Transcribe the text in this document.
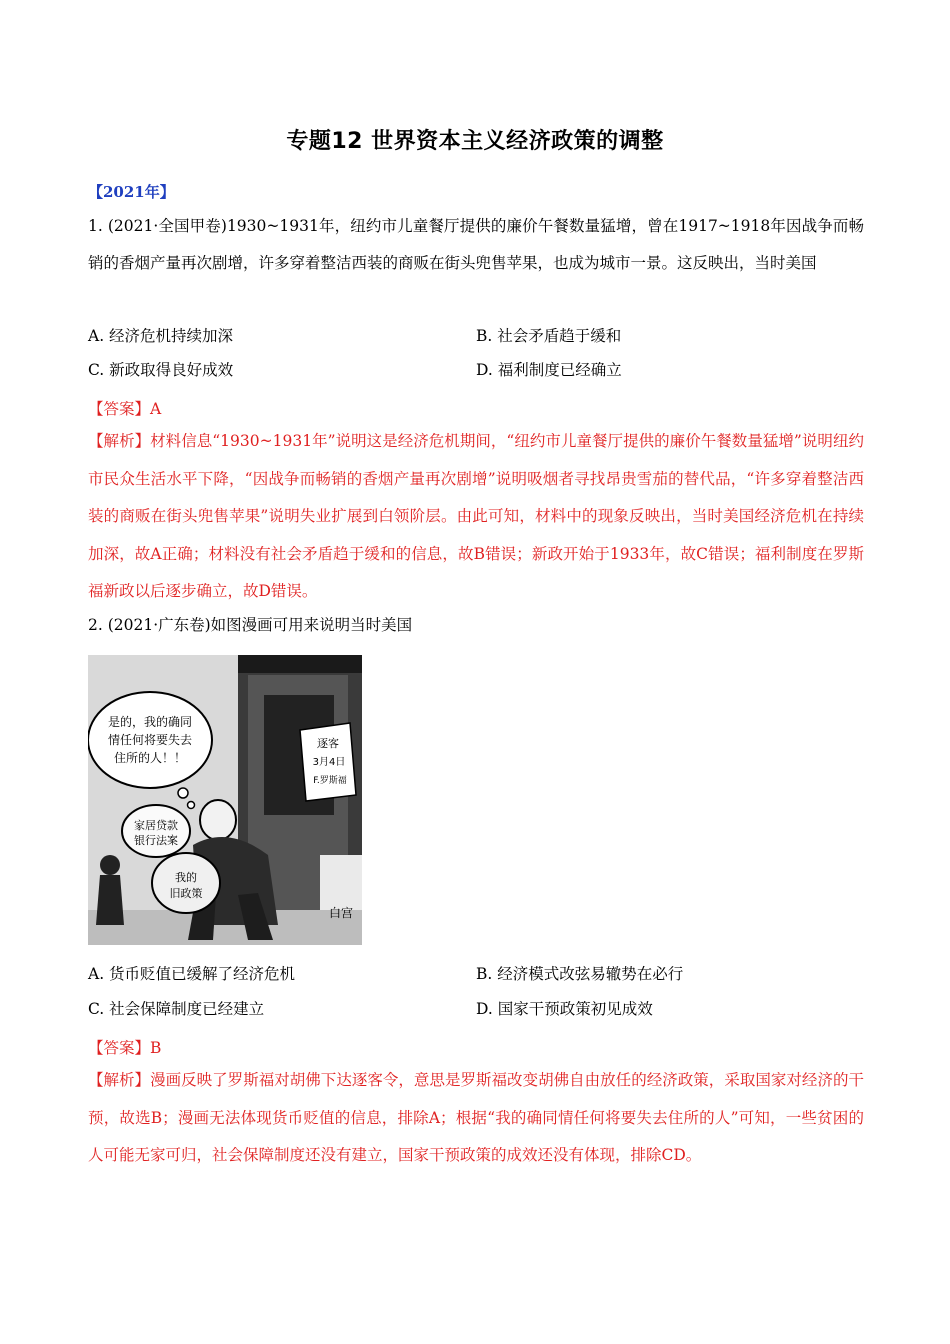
专题12 世界资本主义经济政策的调整
【2021年】
1. (2021·全国甲卷)1930~1931年，纽约市儿童餐厅提供的廉价午餐数量猛增，曾在1917~1918年因战争而畅销的香烟产量再次剧增，许多穿着整洁西装的商贩在街头兜售苹果，也成为城市一景。这反映出，当时美国
A. 经济危机持续加深	B. 社会矛盾趋于缓和
C. 新政取得良好成效	D. 福利制度已经确立
【答案】A
【解析】材料信息“1930~1931年”说明这是经济危机期间，“纽约市儿童餐厅提供的廉价午餐数量猛增”说明纽约市民众生活水平下降，“因战争而畅销的香烟产量再次剧增”说明吸烟者寻找昂贵雪茄的替代品，“许多穿着整洁西装的商贩在街头兜售苹果”说明失业扩展到白领阶层。由此可知，材料中的现象反映出，当时美国经济危机在持续加深，故A正确；材料没有社会矛盾趋于缓和的信息，故B错误；新政开始于1933年，故C错误；福利制度在罗斯福新政以后逐步确立，故D错误。
2. (2021·广东卷)如图漫画可用来说明当时美国
是的，我的确同
情任何将要失去
住所的人！！
逐客
3月4日
F.罗斯福
家居贷款
银行法案
我的
旧政策
白宫
A. 货币贬值已缓解了经济危机	B. 经济模式改弦易辙势在必行
C. 社会保障制度已经建立	D. 国家干预政策初见成效
【答案】B
【解析】漫画反映了罗斯福对胡佛下达逐客令，意思是罗斯福改变胡佛自由放任的经济政策，采取国家对经济的干预，故选B；漫画无法体现货币贬值的信息，排除A；根据“我的确同情任何将要失去住所的人”可知，一些贫困的人可能无家可归，社会保障制度还没有建立，国家干预政策的成效还没有体现，排除CD。
